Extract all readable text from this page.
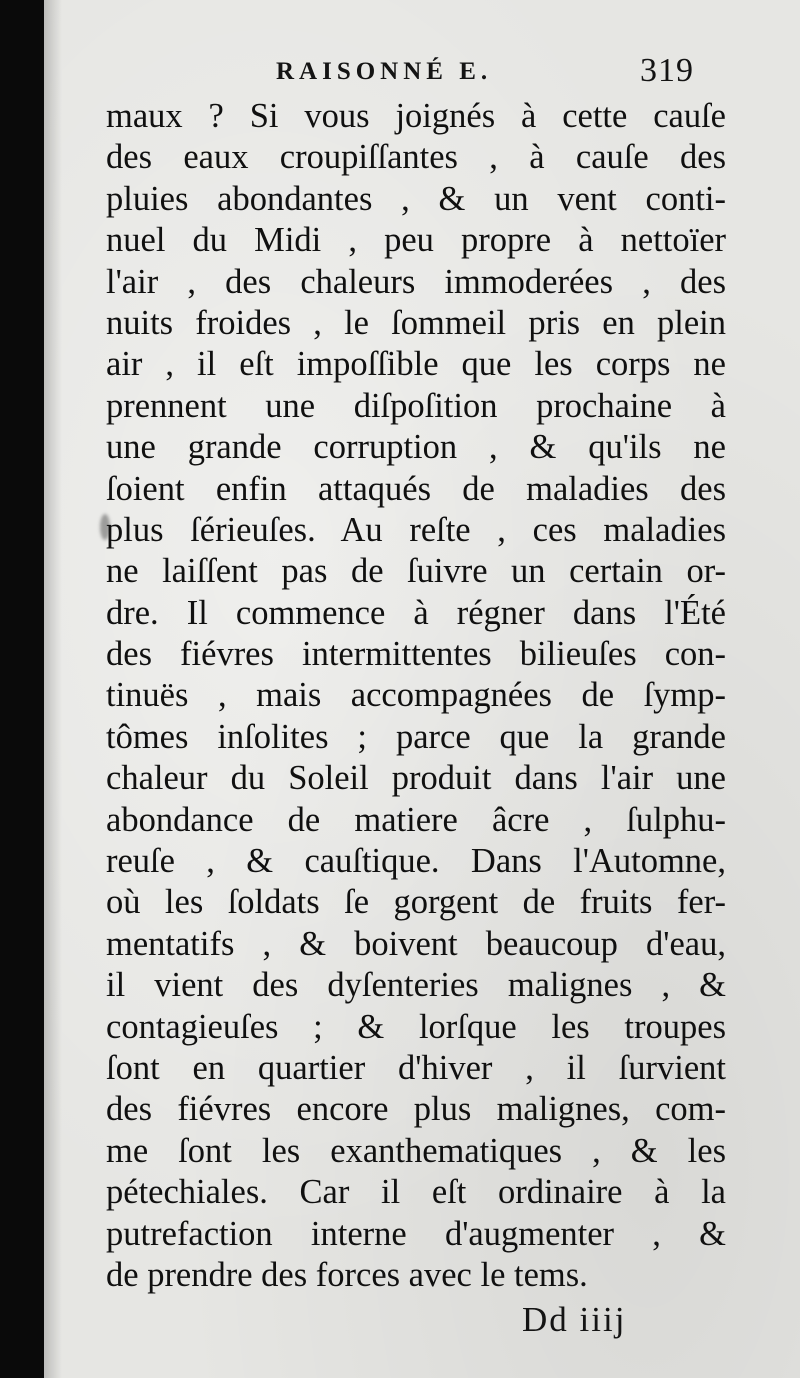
RAISONNÉ E.	319
maux ? Si vous joignés à cette cauſe
des eaux croupiſſantes , à cauſe des
pluies abondantes , & un vent conti-
nuel du Midi , peu propre à nettoïer
l'air , des chaleurs immoderées , des
nuits froides , le ſommeil pris en plein
air , il eſt impoſſible que les corps ne
prennent une diſpoſition prochaine à
une grande corruption , & qu'ils ne
ſoient enfin attaqués de maladies des
plus ſérieuſes. Au reſte , ces maladies
ne laiſſent pas de ſuivre un certain or-
dre. Il commence à régner dans l'Été
des fiévres intermittentes bilieuſes con-
tinuës , mais accompagnées de ſymp-
tômes inſolites ; parce que la grande
chaleur du Soleil produit dans l'air une
abondance de matiere âcre , ſulphu-
reuſe , & cauſtique. Dans l'Automne,
où les ſoldats ſe gorgent de fruits fer-
mentatifs , & boivent beaucoup d'eau,
il vient des dyſenteries malignes , &
contagieuſes ; & lorſque les troupes
ſont en quartier d'hiver , il ſurvient
des fiévres encore plus malignes, com-
me ſont les exanthematiques , & les
pétechiales. Car il eſt ordinaire à la
putrefaction interne d'augmenter , &
de prendre des forces avec le tems.
Dd iiij
